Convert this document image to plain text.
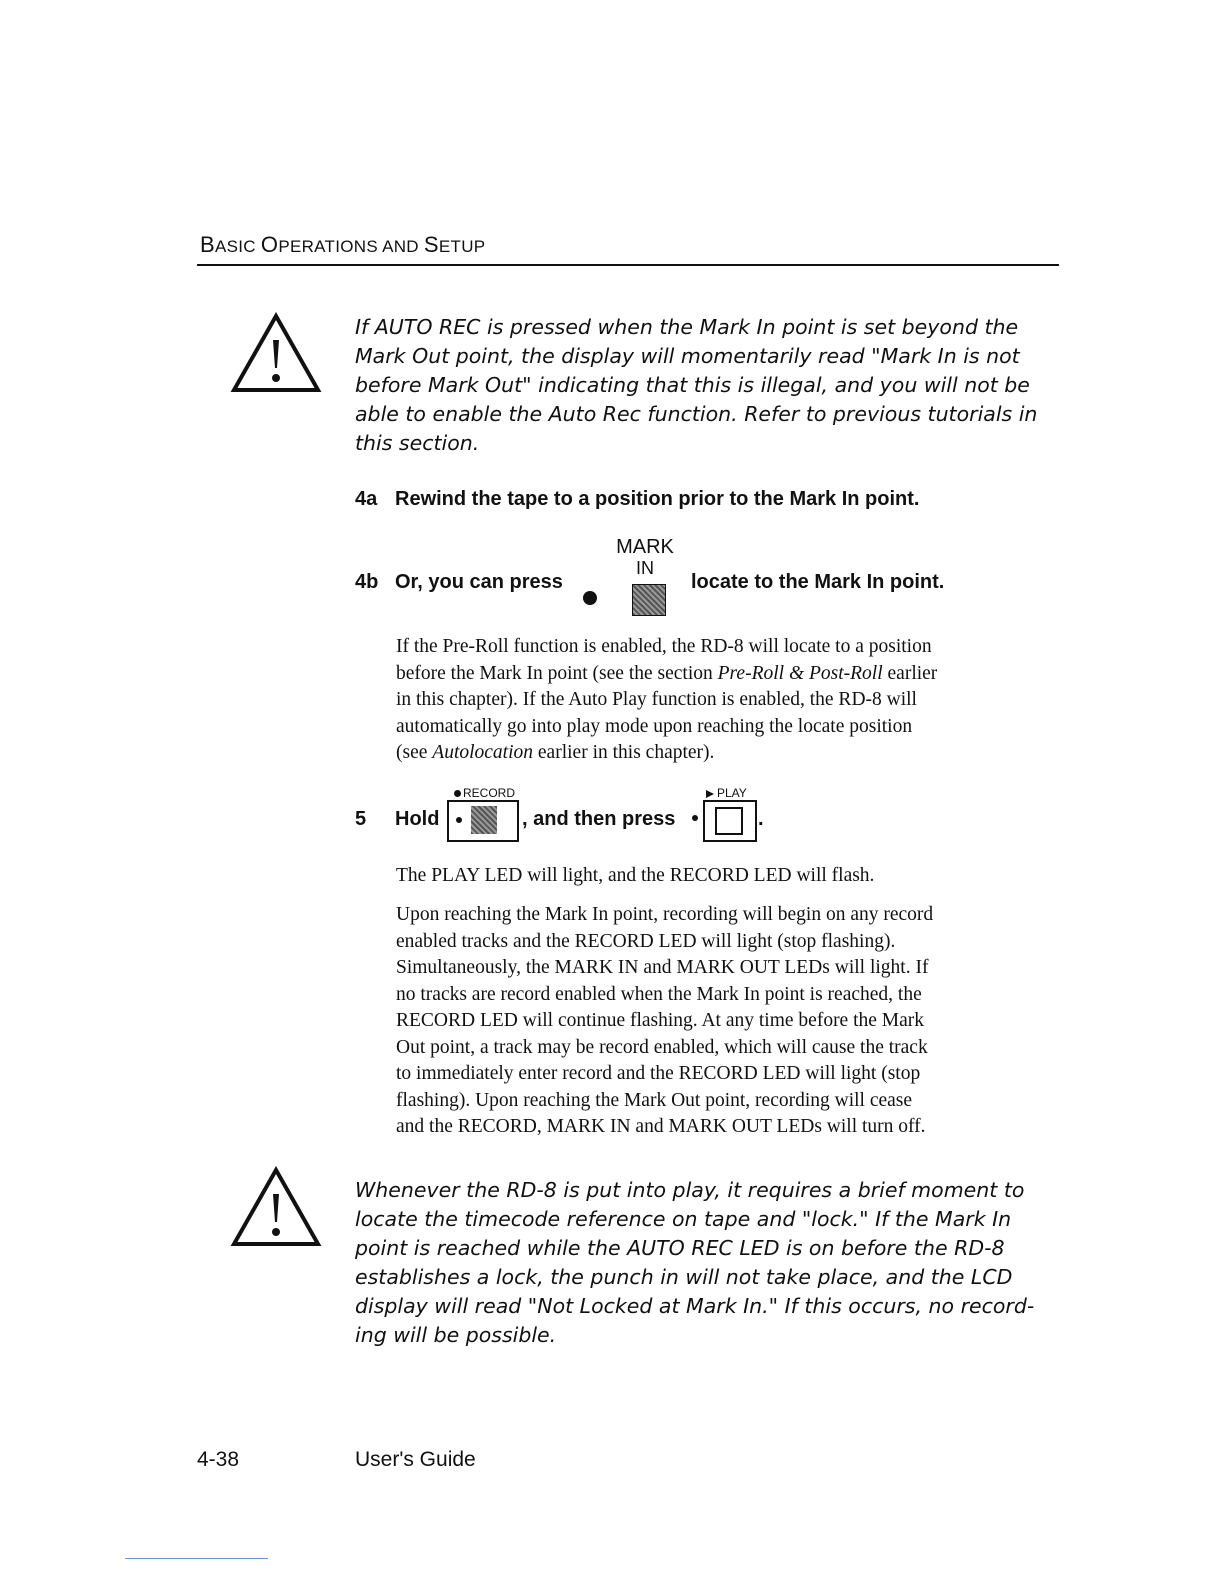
BASIC OPERATIONS AND SETUP
If AUTO REC is pressed when the Mark In point is set beyond the
Mark Out point, the display will momentarily read "Mark In is not
before Mark Out" indicating that this is illegal, and you will not be
able to enable the Auto Rec function. Refer to previous tutorials in
this section.
4a Rewind the tape to a position prior to the Mark In point.
MARK
4b Or, you can press
IN
locate to the Mark In point.
If the Pre-Roll function is enabled, the RD-8 will locate to a position
before the Mark In point (see the section Pre-Roll & Post-Roll earlier
in this chapter). If the Auto Play function is enabled, the RD-8 will
automatically go into play mode upon reaching the locate position
(see Autolocation earlier in this chapter).
RECORD	PLAY
5 Hold	, and then press	.
The PLAY LED will light, and the RECORD LED will flash.
Upon reaching the Mark In point, recording will begin on any record
enabled tracks and the RECORD LED will light (stop flashing).
Simultaneously, the MARK IN and MARK OUT LEDs will light. If
no tracks are record enabled when the Mark In point is reached, the
RECORD LED will continue flashing. At any time before the Mark
Out point, a track may be record enabled, which will cause the track
to immediately enter record and the RECORD LED will light (stop
flashing). Upon reaching the Mark Out point, recording will cease
and the RECORD, MARK IN and MARK OUT LEDs will turn off.
Whenever the RD-8 is put into play, it requires a brief moment to
locate the timecode reference on tape and "lock." If the Mark In
point is reached while the AUTO REC LED is on before the RD-8
establishes a lock, the punch in will not take place, and the LCD
display will read "Not Locked at Mark In." If this occurs, no record-
ing will be possible.
4-38	User's Guide
